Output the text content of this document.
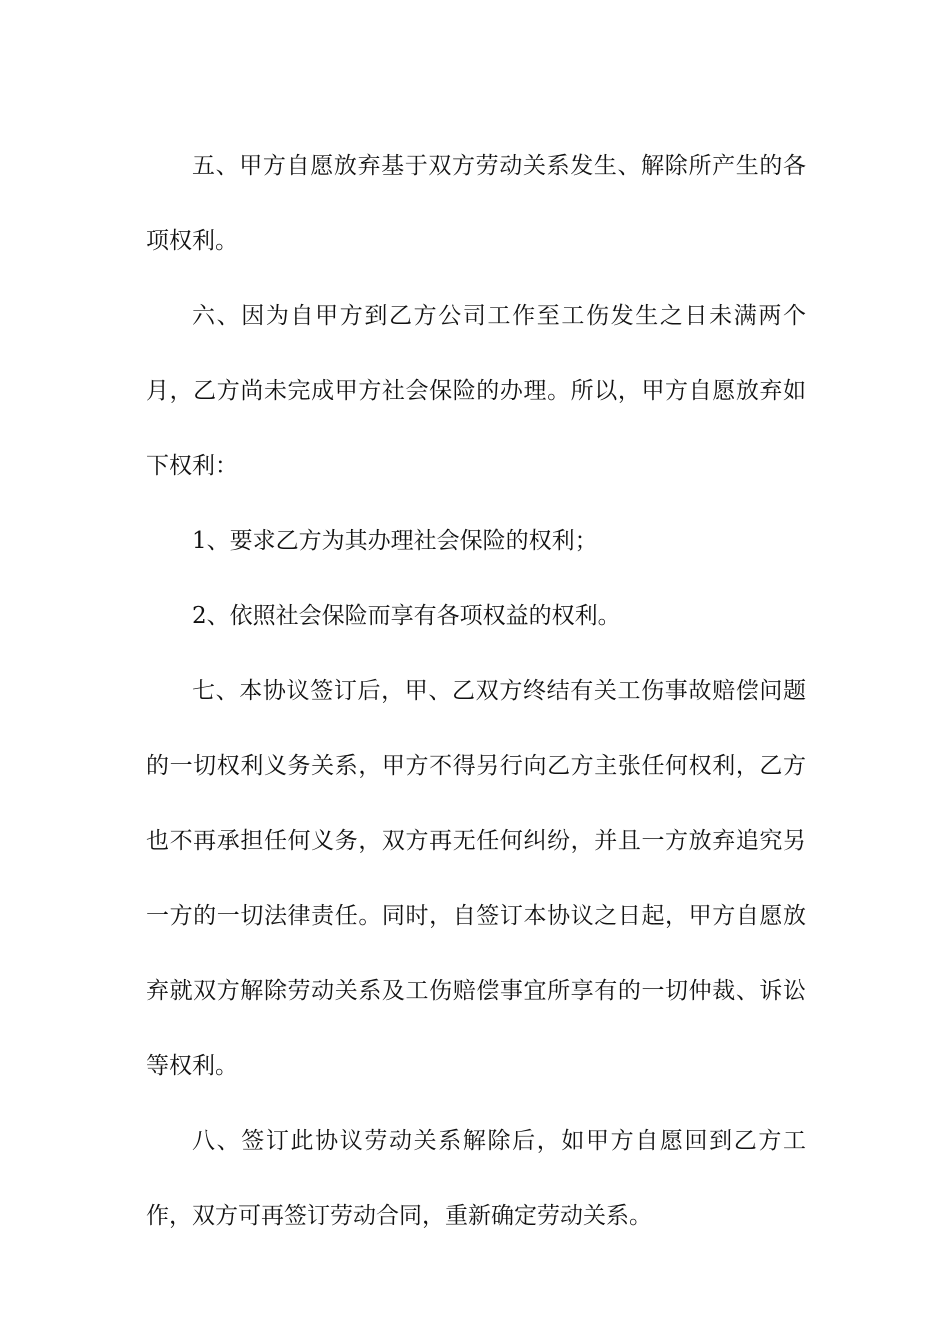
五、甲方自愿放弃基于双方劳动关系发生、解除所产生的各项权利。

六、因为自甲方到乙方公司工作至工伤发生之日未满两个月，乙方尚未完成甲方社会保险的办理。所以，甲方自愿放弃如下权利：

1、要求乙方为其办理社会保险的权利；

2、依照社会保险而享有各项权益的权利。

七、本协议签订后，甲、乙双方终结有关工伤事故赔偿问题的一切权利义务关系，甲方不得另行向乙方主张任何权利，乙方也不再承担任何义务，双方再无任何纠纷，并且一方放弃追究另一方的一切法律责任。同时，自签订本协议之日起，甲方自愿放弃就双方解除劳动关系及工伤赔偿事宜所享有的一切仲裁、诉讼等权利。

八、签订此协议劳动关系解除后，如甲方自愿回到乙方工作，双方可再签订劳动合同，重新确定劳动关系。
